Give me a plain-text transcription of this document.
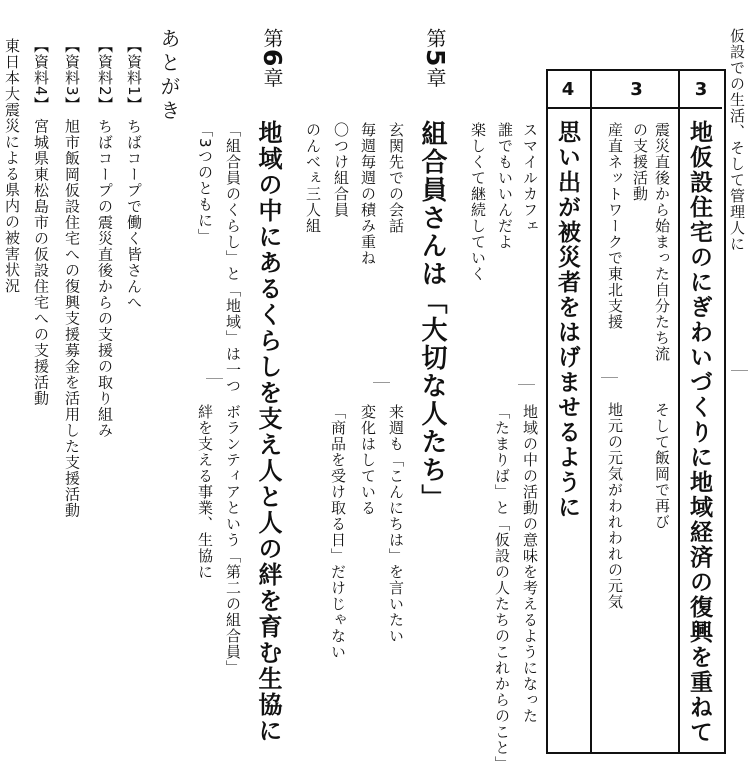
仮設での生活、そして管理人に
3	3
地仮設住宅のにぎわいづくりに地域経済の復興を重ねて
震災直後から始まった自分たち流
の支援活動
産直ネットワークで東北支援
そして飯岡で再び
地元の元気がわれわれの元気
4
思い出が被災者をはげませるように
スマイルカフェ
誰でもいいんだよ
楽しくて継続していく
地域の中の活動の意味を考えるようになった
「たまりば」と「仮設の人たちのこれからのこと」
第5章
組合員さんは「大切な人たち」
玄関先での会話
毎週毎週の積み重ね
〇つけ組合員
のんべぇ三人組
来週も「こんにちは」を言いたい
変化はしている
「商品を受け取る日」だけじゃない
第6章
地域の中にあるくらしを支え人と人の絆を育む生協に
「組合員のくらし」と「地域」は一つ
「3つのともに」
ボランティアという「第二の組合員」
絆を支える事業、生協に
あとがき
【資料1】 ちばコープで働く皆さんへ
【資料2】 ちばコープの震災直後からの支援の取り組み
【資料3】 旭市飯岡仮設住宅への復興支援募金を活用した支援活動
【資料4】 宮城県東松島市の仮設住宅への支援活動
東日本大震災による県内の被害状況
